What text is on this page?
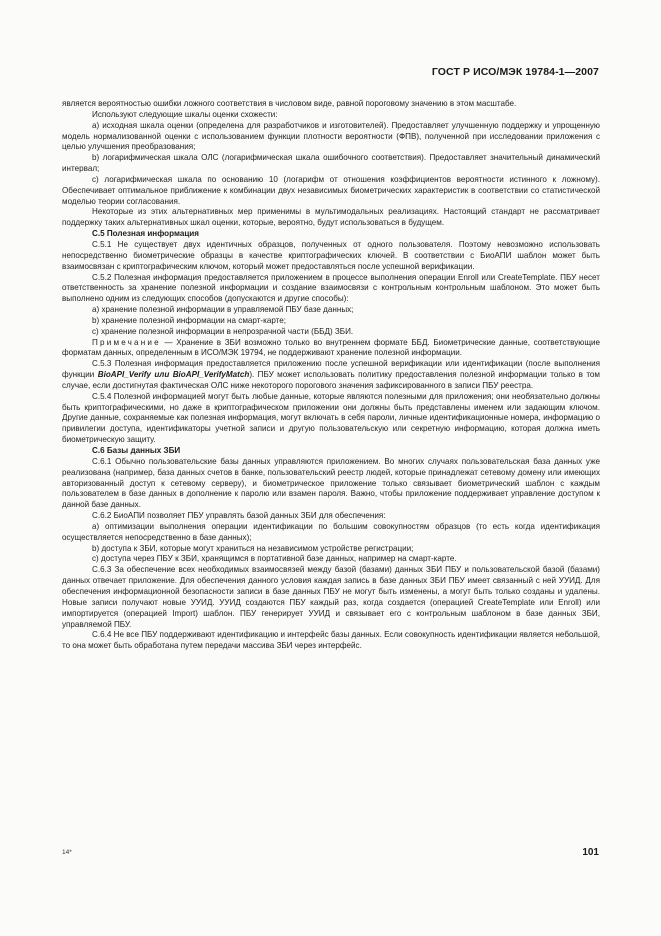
ГОСТ Р ИСО/МЭК 19784-1—2007

является вероятностью ошибки ложного соответствия в числовом виде, равной пороговому значению в этом масштабе.

Используют следующие шкалы оценки схожести:

a) исходная шкала оценки (определена для разработчиков и изготовителей). Предоставляет улучшенную поддержку и упрощенную модель нормализованной оценки с использованием функции плотности вероятности (ФПВ), полученной при исследовании приложения с целью улучшения преобразования;

b) логарифмическая шкала ОЛС (логарифмическая шкала ошибочного соответствия). Предоставляет значительный динамический интервал;

c) логарифмическая шкала по основанию 10 (логарифм от отношения коэффициентов вероятности истинного к ложному). Обеспечивает оптимальное приближение к комбинации двух независимых биометрических характеристик в соответствии со статистической моделью теории согласования.

Некоторые из этих альтернативных мер применимы в мультимодальных реализациях. Настоящий стандарт не рассматривает поддержку таких альтернативных шкал оценки, которые, вероятно, будут использоваться в будущем.

С.5 Полезная информация

С.5.1 Не существует двух идентичных образцов, полученных от одного пользователя. Поэтому невозможно использовать непосредственно биометрические образцы в качестве криптографических ключей. В соответствии с БиоАПИ шаблон может быть взаимосвязан с криптографическим ключом, который может предоставляться после успешной верификации.

С.5.2 Полезная информация предоставляется приложением в процессе выполнения операции Enroll или CreateTemplate. ПБУ несет ответственность за хранение полезной информации и создание взаимосвязи с контрольным контрольным шаблоном. Это может быть выполнено одним из следующих способов (допускаются и другие способы):

a) хранение полезной информации в управляемой ПБУ базе данных;

b) хранение полезной информации на смарт-карте;

c) хранение полезной информации в непрозрачной части (ББД) ЗБИ.

Примечание — Хранение в ЗБИ возможно только во внутреннем формате ББД. Биометрические данные, соответствующие форматам данных, определенным в ИСО/МЭК 19794, не поддерживают хранение полезной информации.

С.5.3 Полезная информация предоставляется приложению после успешной верификации или идентификации (после выполнения функции BioAPI_Verify или BioAPI_VerifyMatch). ПБУ может использовать политику предоставления полезной информации только в том случае, если достигнутая фактическая ОЛС ниже некоторого порогового значения зафиксированного в записи ПБУ реестра.

С.5.4 Полезной информацией могут быть любые данные, которые являются полезными для приложения; они необязательно должны быть криптографическими, но даже в криптографическом приложении они должны быть представлены именем или задающим ключом. Другие данные, сохраняемые как полезная информация, могут включать в себя пароли, личные идентификационные номера, информацию о привилегии доступа, идентификаторы учетной записи и другую пользовательскую или секретную информацию, которая должна иметь биометрическую защиту.

С.6 Базы данных ЗБИ

С.6.1 Обычно пользовательские базы данных управляются приложением. Во многих случаях пользовательская база данных уже реализована (например, база данных счетов в банке, пользовательский реестр людей, которые принадлежат сетевому домену или имеющих авторизованный доступ к сетевому серверу), и биометрическое приложение только связывает биометрический шаблон с каждым пользователем в базе данных в дополнение к паролю или взамен пароля. Важно, чтобы приложение поддерживает управление доступом к данной базе данных.

С.6.2 БиоАПИ позволяет ПБУ управлять базой данных ЗБИ для обеспечения:

a) оптимизации выполнения операции идентификации по большим совокупностям образцов (то есть когда идентификация осуществляется непосредственно в базе данных);

b) доступа к ЗБИ, которые могут храниться на независимом устройстве регистрации;

c) доступа через ПБУ к ЗБИ, хранящимся в портативной базе данных, например на смарт-карте.

С.6.3 За обеспечение всех необходимых взаимосвязей между базой (базами) данных ЗБИ ПБУ и пользовательской базой (базами) данных отвечает приложение. Для обеспечения данного условия каждая запись в базе данных ЗБИ ПБУ имеет связанный с ней УУИД. Для обеспечения информационной безопасности записи в базе данных ПБУ не могут быть изменены, а могут быть только созданы и удалены. Новые записи получают новые УУИД. УУИД создаются ПБУ каждый раз, когда создается (операцией CreateTemplate или Enroll) или импортируется (операцией Import) шаблон. ПБУ генерирует УУИД и связывает его с контрольным шаблоном в базе данных ЗБИ, управляемой ПБУ.

С.6.4 Не все ПБУ поддерживают идентификацию и интерфейс базы данных. Если совокупность идентификации является небольшой, то она может быть обработана путем передачи массива ЗБИ через интерфейс.

14*	101
